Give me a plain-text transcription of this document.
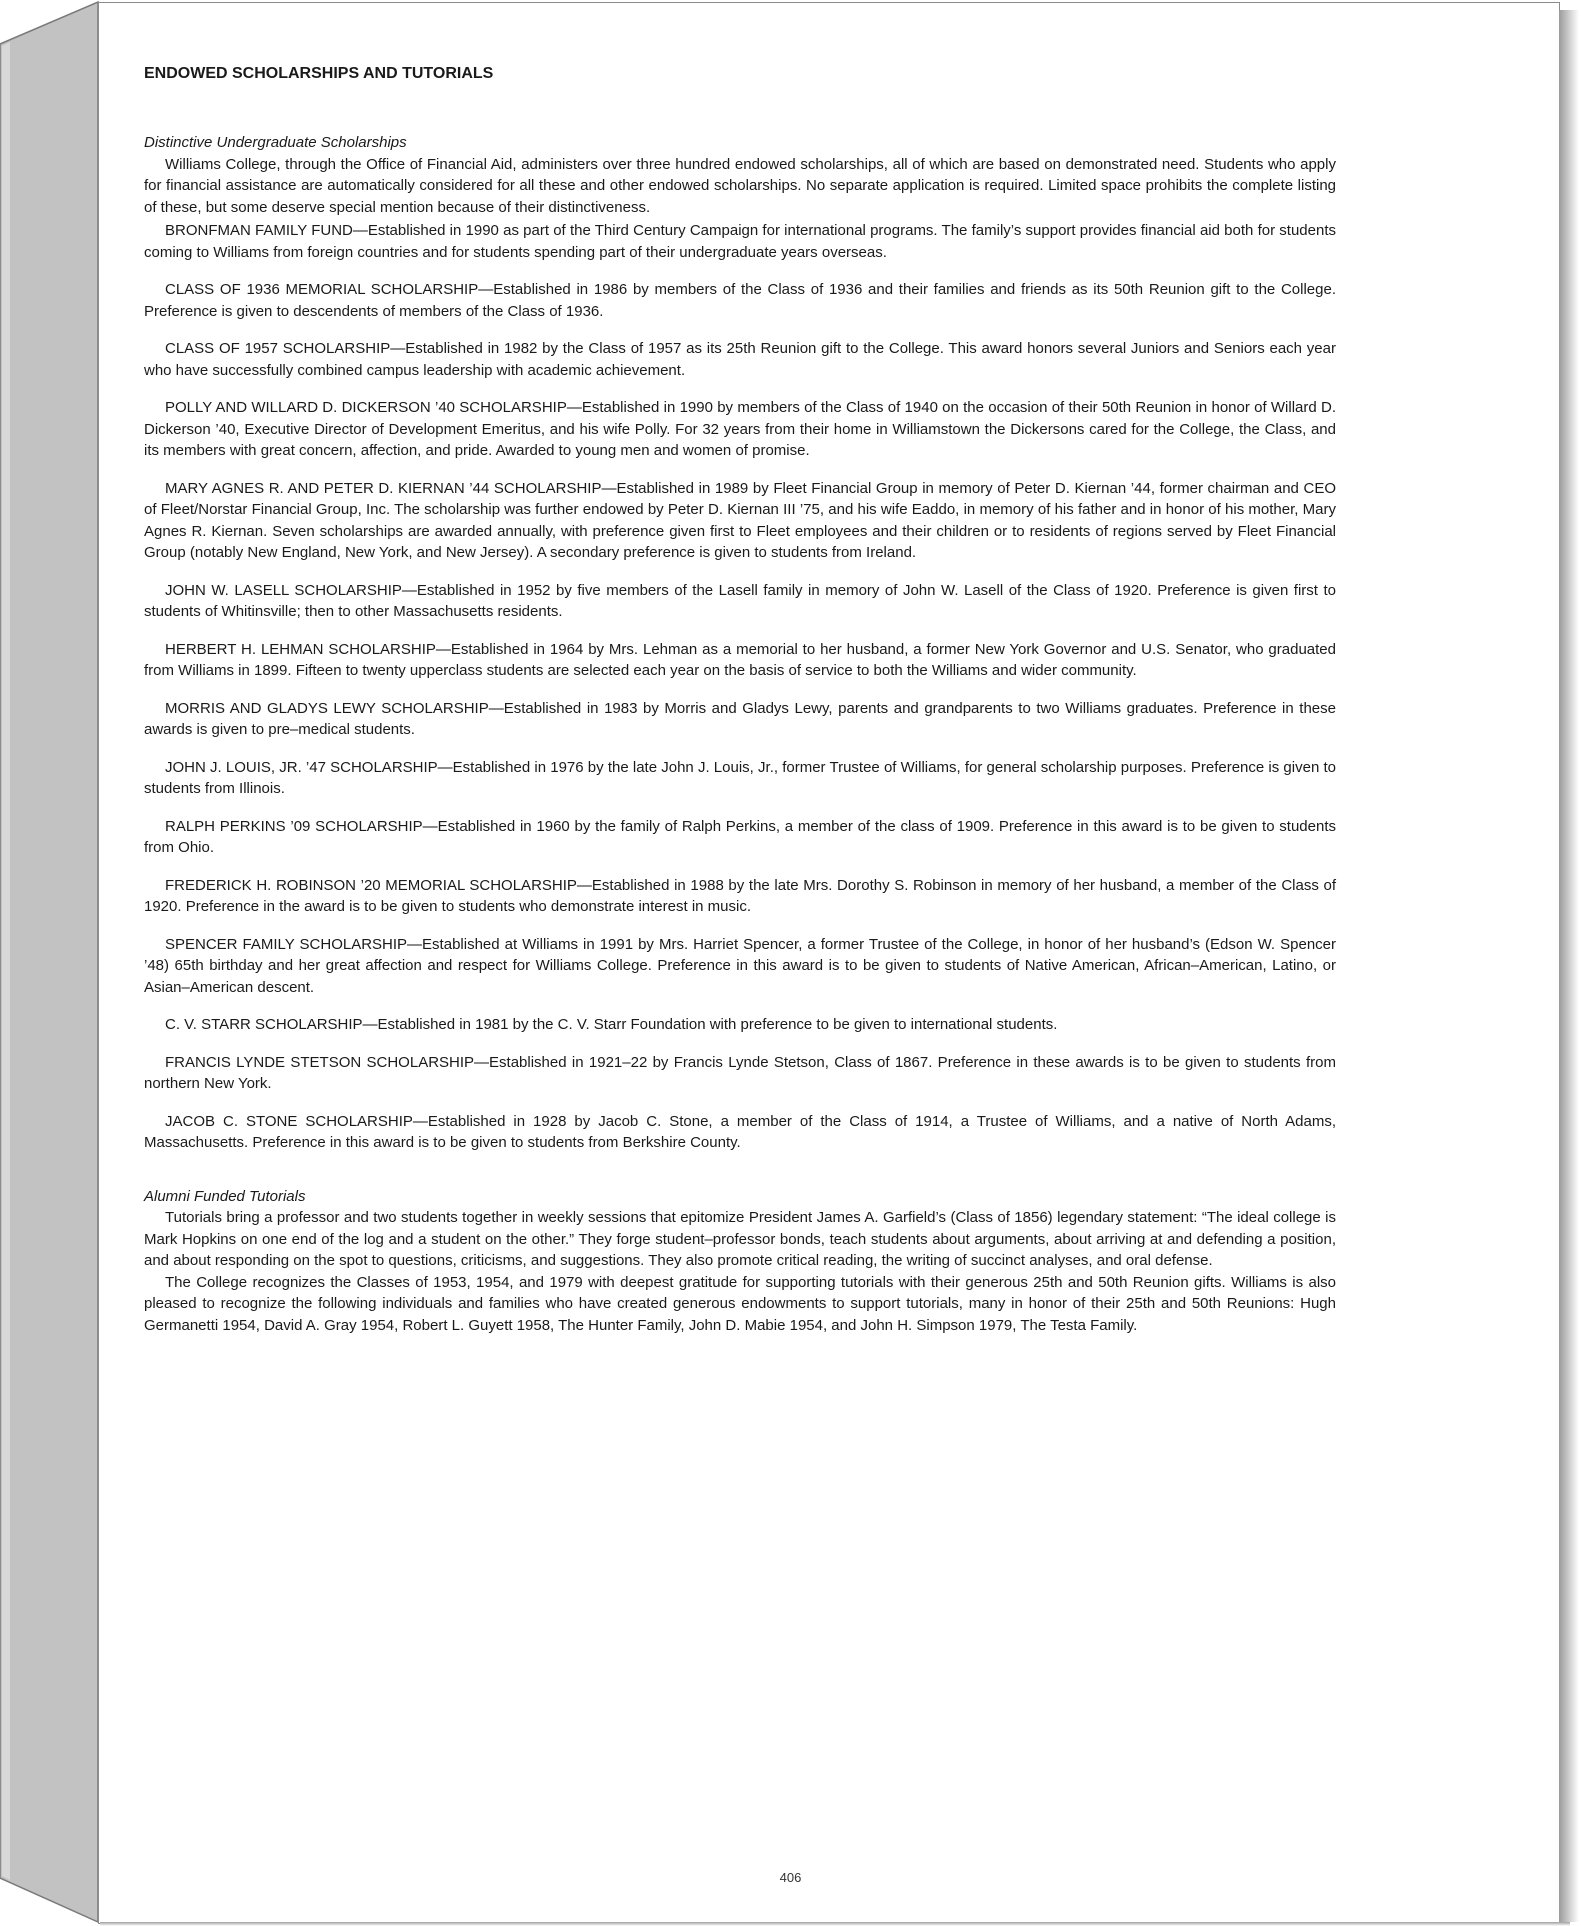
ENDOWED SCHOLARSHIPS AND TUTORIALS

Distinctive Undergraduate Scholarships

Williams College, through the Office of Financial Aid, administers over three hundred endowed scholarships, all of which are based on demonstrated need. Students who apply for financial assistance are automatically considered for all these and other endowed scholarships. No separate application is required. Limited space prohibits the complete listing of these, but some deserve special mention because of their distinctiveness.

BRONFMAN FAMILY FUND—Established in 1990 as part of the Third Century Campaign for international programs. The family’s support provides financial aid both for students coming to Williams from foreign countries and for students spending part of their undergraduate years overseas.

CLASS OF 1936 MEMORIAL SCHOLARSHIP—Established in 1986 by members of the Class of 1936 and their families and friends as its 50th Reunion gift to the College. Preference is given to descendents of members of the Class of 1936.

CLASS OF 1957 SCHOLARSHIP—Established in 1982 by the Class of 1957 as its 25th Reunion gift to the College. This award honors several Juniors and Seniors each year who have successfully combined campus leadership with academic achievement.

POLLY AND WILLARD D. DICKERSON ’40 SCHOLARSHIP—Established in 1990 by members of the Class of 1940 on the occasion of their 50th Reunion in honor of Willard D. Dickerson ’40, Executive Director of Development Emeritus, and his wife Polly. For 32 years from their home in Williamstown the Dickersons cared for the College, the Class, and its members with great concern, affection, and pride. Awarded to young men and women of promise.

MARY AGNES R. AND PETER D. KIERNAN ’44 SCHOLARSHIP—Established in 1989 by Fleet Financial Group in memory of Peter D. Kiernan ’44, former chairman and CEO of Fleet/Norstar Financial Group, Inc. The scholarship was further endowed by Peter D. Kiernan III ’75, and his wife Eaddo, in memory of his father and in honor of his mother, Mary Agnes R. Kiernan. Seven scholarships are awarded annually, with preference given first to Fleet employees and their children or to residents of regions served by Fleet Financial Group (notably New England, New York, and New Jersey). A secondary preference is given to students from Ireland.

JOHN W. LASELL SCHOLARSHIP—Established in 1952 by five members of the Lasell family in memory of John W. Lasell of the Class of 1920. Preference is given first to students of Whitinsville; then to other Massachusetts residents.

HERBERT H. LEHMAN SCHOLARSHIP—Established in 1964 by Mrs. Lehman as a memorial to her husband, a former New York Governor and U.S. Senator, who graduated from Williams in 1899. Fifteen to twenty upperclass students are selected each year on the basis of service to both the Williams and wider community.

MORRIS AND GLADYS LEWY SCHOLARSHIP—Established in 1983 by Morris and Gladys Lewy, parents and grandparents to two Williams graduates. Preference in these awards is given to pre–medical students.

JOHN J. LOUIS, JR. ’47 SCHOLARSHIP—Established in 1976 by the late John J. Louis, Jr., former Trustee of Williams, for general scholarship purposes. Preference is given to students from Illinois.

RALPH PERKINS ’09 SCHOLARSHIP—Established in 1960 by the family of Ralph Perkins, a member of the class of 1909. Preference in this award is to be given to students from Ohio.

FREDERICK H. ROBINSON ’20 MEMORIAL SCHOLARSHIP—Established in 1988 by the late Mrs. Dorothy S. Robinson in memory of her husband, a member of the Class of 1920. Preference in the award is to be given to students who demonstrate interest in music.

SPENCER FAMILY SCHOLARSHIP—Established at Williams in 1991 by Mrs. Harriet Spencer, a former Trustee of the College, in honor of her husband’s (Edson W. Spencer ’48) 65th birthday and her great affection and respect for Williams College. Preference in this award is to be given to students of Native American, African–American, Latino, or Asian–American descent.

C. V. STARR SCHOLARSHIP—Established in 1981 by the C. V. Starr Foundation with preference to be given to international students.

FRANCIS LYNDE STETSON SCHOLARSHIP—Established in 1921–22 by Francis Lynde Stetson, Class of 1867. Preference in these awards is to be given to students from northern New York.

JACOB C. STONE SCHOLARSHIP—Established in 1928 by Jacob C. Stone, a member of the Class of 1914, a Trustee of Williams, and a native of North Adams, Massachusetts. Preference in this award is to be given to students from Berkshire County.

Alumni Funded Tutorials

Tutorials bring a professor and two students together in weekly sessions that epitomize President James A. Garfield’s (Class of 1856) legendary statement: “The ideal college is Mark Hopkins on one end of the log and a student on the other.” They forge student–professor bonds, teach students about arguments, about arriving at and defending a position, and about responding on the spot to questions, criticisms, and suggestions. They also promote critical reading, the writing of succinct analyses, and oral defense.

The College recognizes the Classes of 1953, 1954, and 1979 with deepest gratitude for supporting tutorials with their generous 25th and 50th Reunion gifts. Williams is also pleased to recognize the following individuals and families who have created generous endowments to support tutorials, many in honor of their 25th and 50th Reunions: Hugh Germanetti 1954, David A. Gray 1954, Robert L. Guyett 1958, The Hunter Family, John D. Mabie 1954, and John H. Simpson 1979, The Testa Family.

406
